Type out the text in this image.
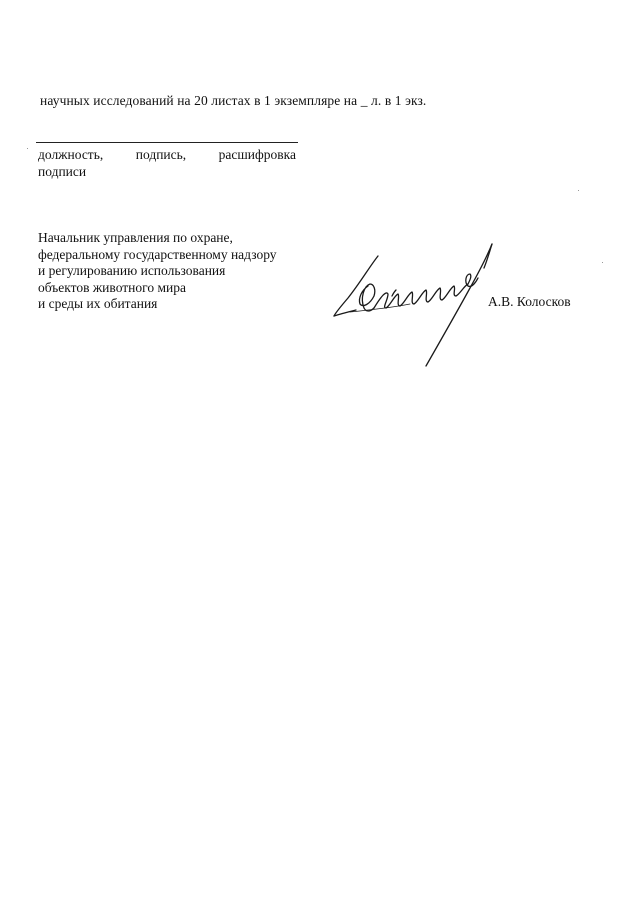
научных исследований на 20 листах в 1 экземпляре на _ л. в 1 экз.
должность, подпись, расшифровка
подписи
Начальник управления по охране,
федеральному государственному надзору
и регулированию использования
объектов животного мира
и среды их обитания	А.В. Колосков
